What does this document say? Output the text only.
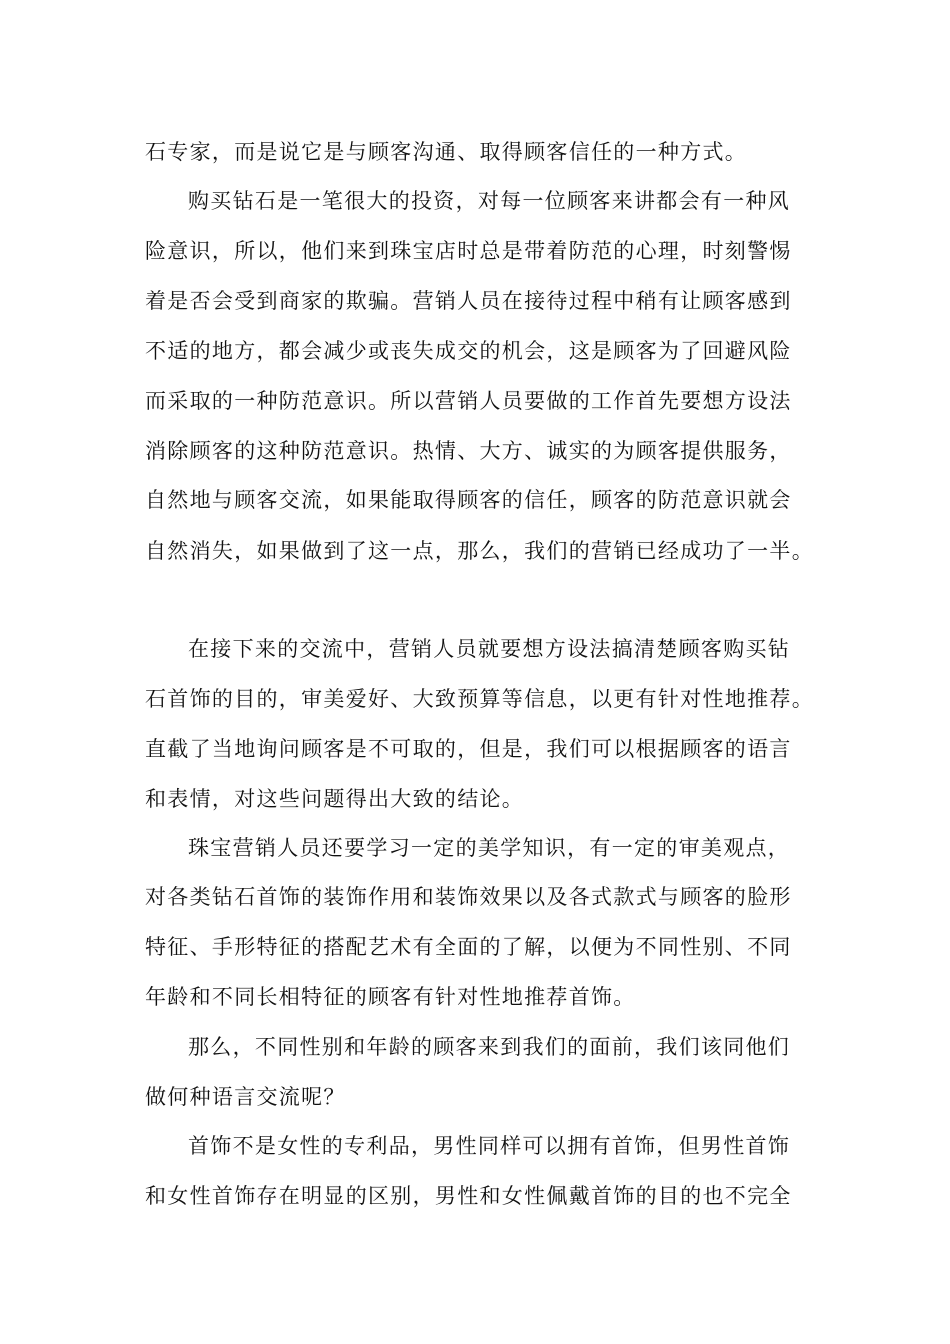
石专家，而是说它是与顾客沟通、取得顾客信任的一种方式。
购买钻石是一笔很大的投资，对每一位顾客来讲都会有一种风
险意识，所以，他们来到珠宝店时总是带着防范的心理，时刻警惕
着是否会受到商家的欺骗。营销人员在接待过程中稍有让顾客感到
不适的地方，都会减少或丧失成交的机会，这是顾客为了回避风险
而采取的一种防范意识。所以营销人员要做的工作首先要想方设法
消除顾客的这种防范意识。热情、大方、诚实的为顾客提供服务，
自然地与顾客交流，如果能取得顾客的信任，顾客的防范意识就会
自然消失，如果做到了这一点，那么，我们的营销已经成功了一半。
在接下来的交流中，营销人员就要想方设法搞清楚顾客购买钻
石首饰的目的，审美爱好、大致预算等信息，以更有针对性地推荐。
直截了当地询问顾客是不可取的，但是，我们可以根据顾客的语言
和表情，对这些问题得出大致的结论。
珠宝营销人员还要学习一定的美学知识，有一定的审美观点，
对各类钻石首饰的装饰作用和装饰效果以及各式款式与顾客的脸形
特征、手形特征的搭配艺术有全面的了解，以便为不同性别、不同
年龄和不同长相特征的顾客有针对性地推荐首饰。
那么，不同性别和年龄的顾客来到我们的面前，我们该同他们
做何种语言交流呢？
首饰不是女性的专利品，男性同样可以拥有首饰，但男性首饰
和女性首饰存在明显的区别，男性和女性佩戴首饰的目的也不完全
